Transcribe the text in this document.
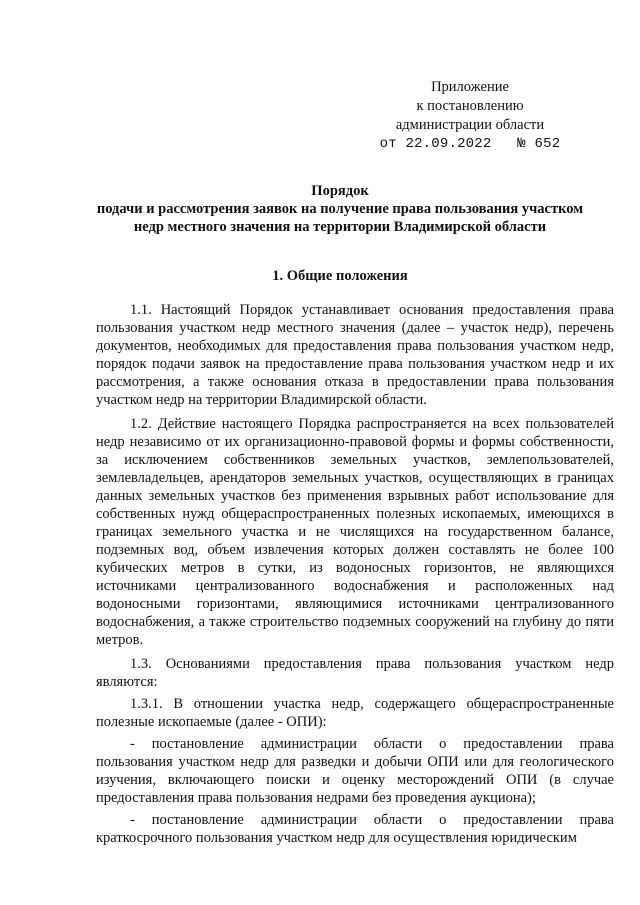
Приложение
к постановлению
администрации области
от 22.09.2022   № 652
Порядок
подачи и рассмотрения заявок на получение права пользования участком
недр местного значения на территории Владимирской области
1. Общие положения

1.1. Настоящий Порядок устанавливает основания предоставления права пользования участком недр местного значения (далее – участок недр), перечень документов, необходимых для предоставления права пользования участком недр, порядок подачи заявок на предоставление права пользования участком недр и их рассмотрения, а также основания отказа в предоставлении права пользования участком недр на территории Владимирской области.

1.2. Действие настоящего Порядка распространяется на всех пользователей недр независимо от их организационно-правовой формы и формы собственности, за исключением собственников земельных участков, землепользователей, землевладельцев, арендаторов земельных участков, осуществляющих в границах данных земельных участков без применения взрывных работ использование для собственных нужд общераспространенных полезных ископаемых, имеющихся в границах земельного участка и не числящихся на государственном балансе, подземных вод, объем извлечения которых должен составлять не более 100 кубических метров в сутки, из водоносных горизонтов, не являющихся источниками централизованного водоснабжения и расположенных над водоносными горизонтами, являющимися источниками централизованного водоснабжения, а также строительство подземных сооружений на глубину до пяти метров.

1.3. Основаниями предоставления права пользования участком недр являются:

1.3.1. В отношении участка недр, содержащего общераспространенные полезные ископаемые (далее - ОПИ):

- постановление администрации области о предоставлении права пользования участком недр для разведки и добычи ОПИ или для геологического изучения, включающего поиски и оценку месторождений ОПИ (в случае предоставления права пользования недрами без проведения аукциона);

- постановление администрации области о предоставлении права краткосрочного пользования участком недр для осуществления юридическим
